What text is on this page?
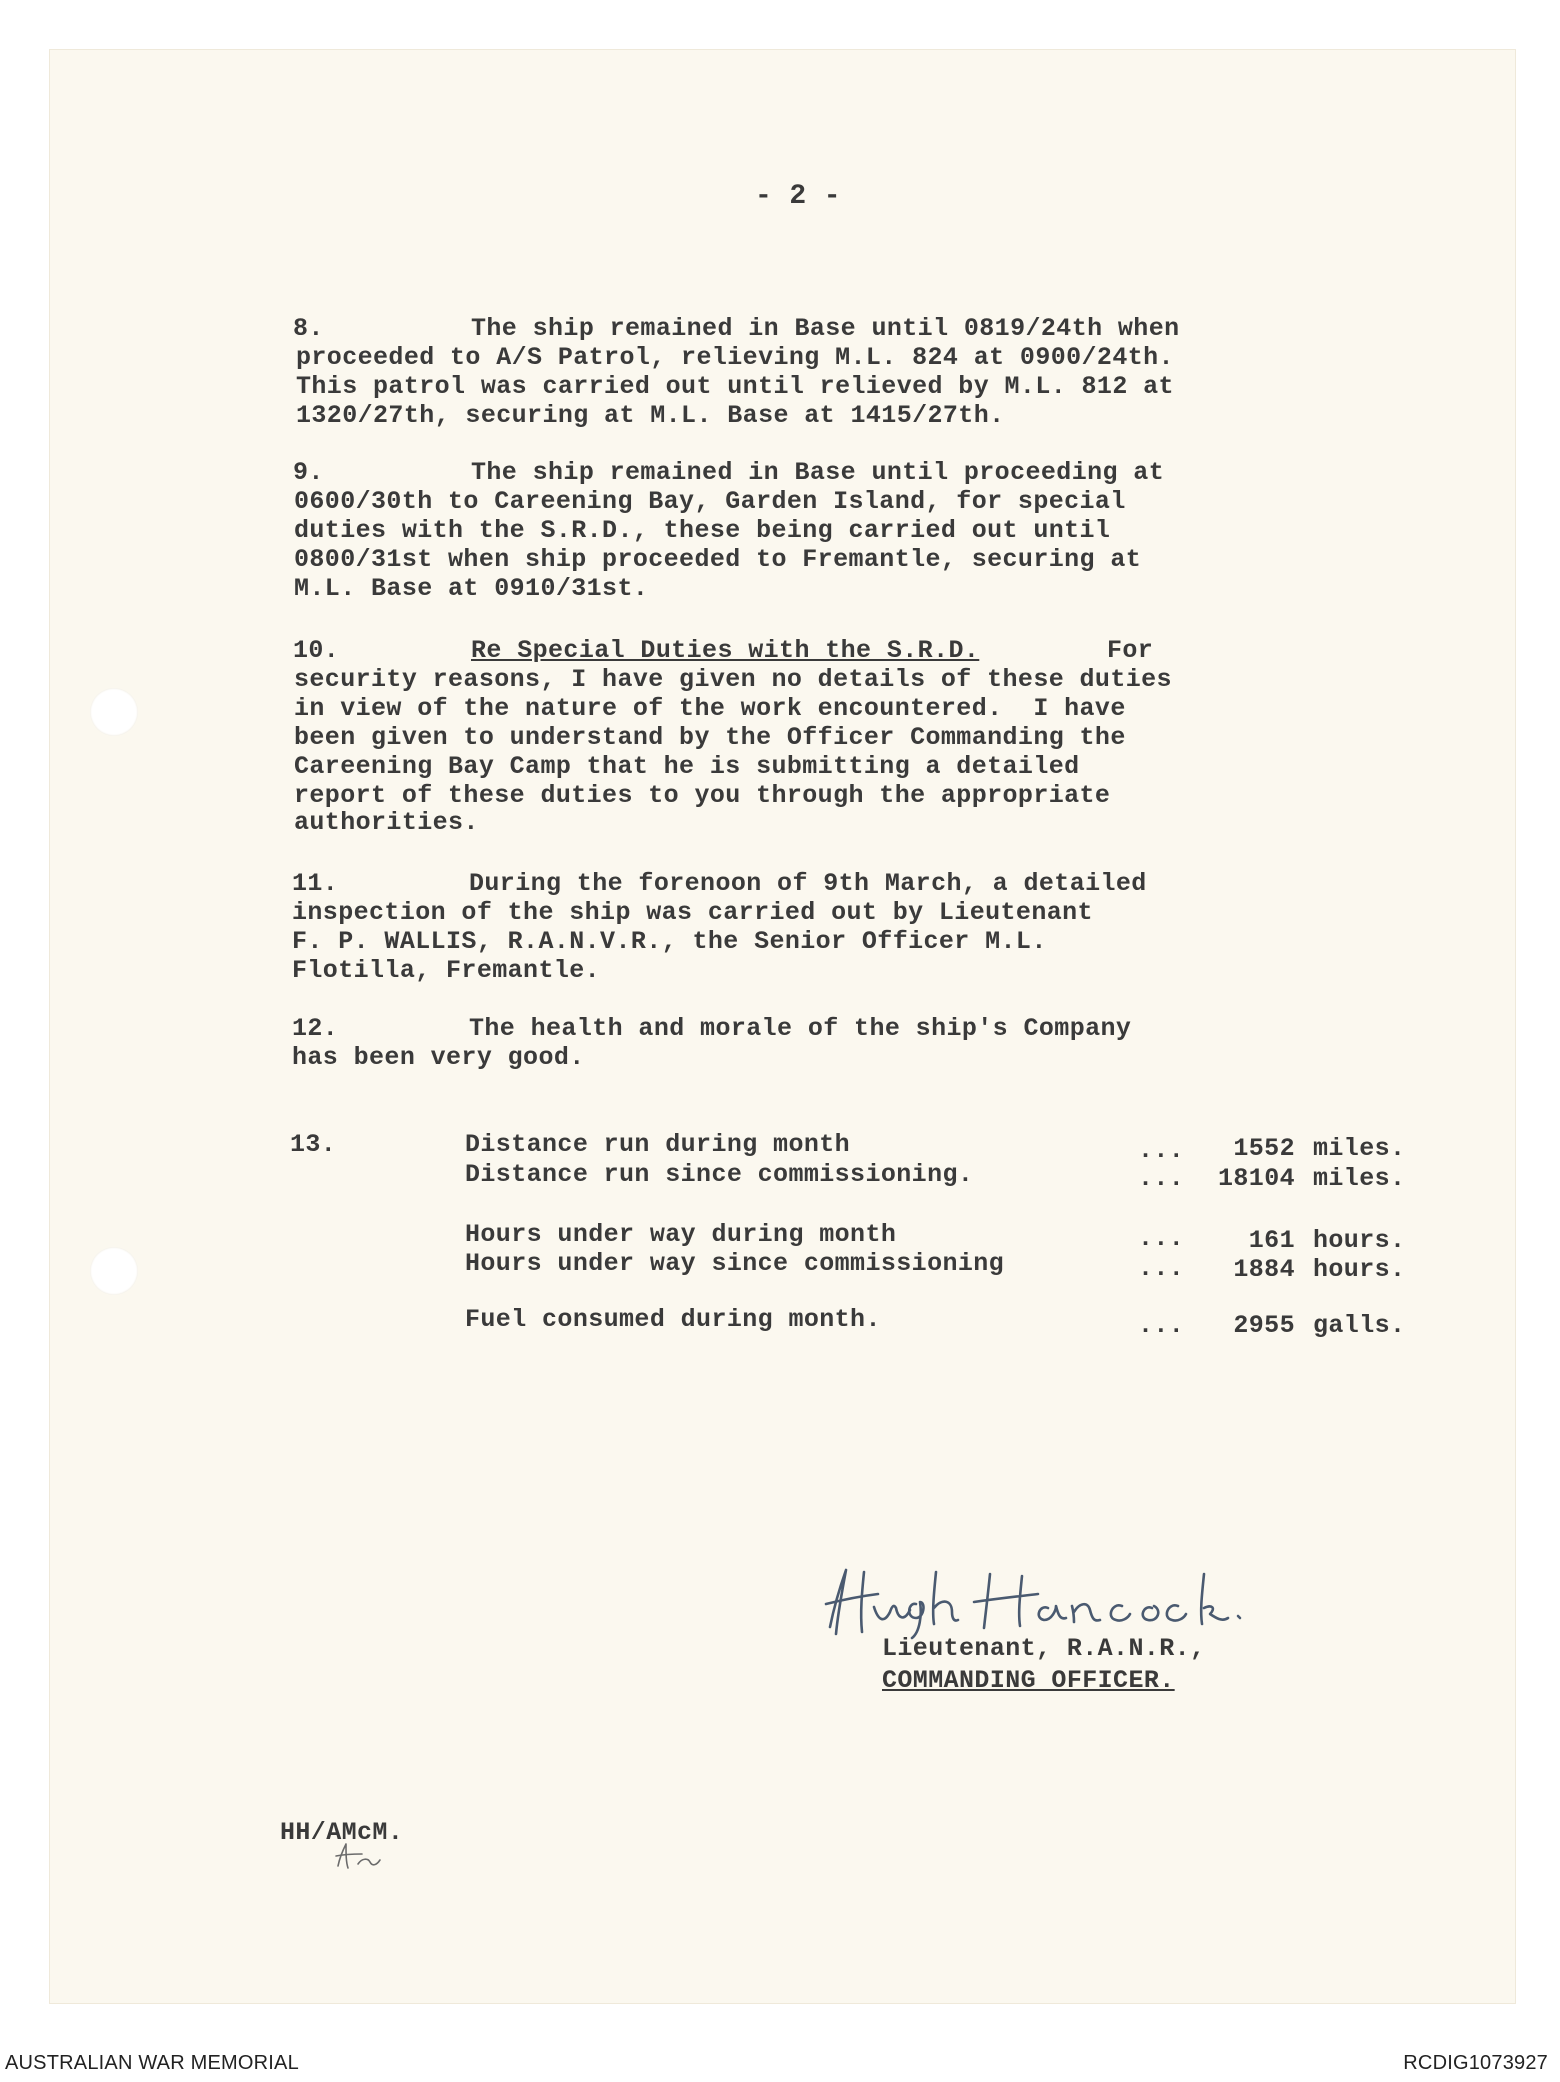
- 2 -
8.	The ship remained in Base until 0819/24th when
proceeded to A/S Patrol, relieving M.L. 824 at 0900/24th.
This patrol was carried out until relieved by M.L. 812 at
1320/27th, securing at M.L. Base at 1415/27th.
9.	The ship remained in Base until proceeding at
0600/30th to Careening Bay, Garden Island, for special
duties with the S.R.D., these being carried out until
0800/31st when ship proceeded to Fremantle, securing at
M.L. Base at 0910/31st.
10.	Re Special Duties with the S.R.D.	For
security reasons, I have given no details of these duties
in view of the nature of the work encountered.  I have
been given to understand by the Officer Commanding the
Careening Bay Camp that he is submitting a detailed
report of these duties to you through the appropriate
authorities.
11.	During the forenoon of 9th March, a detailed
inspection of the ship was carried out by Lieutenant
F. P. WALLIS, R.A.N.V.R., the Senior Officer M.L.
Flotilla, Fremantle.
12.	The health and morale of the ship's Company
has been very good.
13.	Distance run during month	...	1552 miles.
Distance run since commissioning.	...	18104 miles.
Hours under way during month	...	161 hours.
Hours under way since commissioning	...	1884 hours.
Fuel consumed during month.	...	2955 galls.
Lieutenant, R.A.N.R.,
COMMANDING OFFICER.
HH/AMcM.
AUSTRALIAN WAR MEMORIAL	RCDIG1073927
